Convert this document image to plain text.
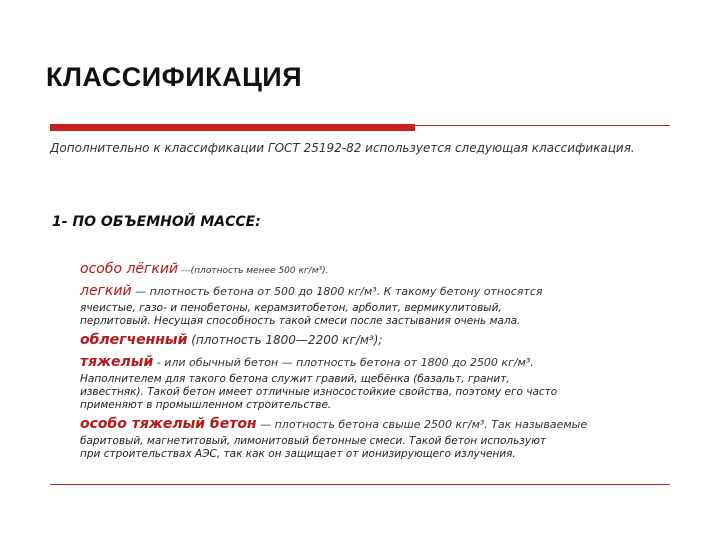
КЛАССИФИКАЦИЯ
Дополнительно к классификации ГОСТ 25192-82 используется следующая классификация.
1- ПО ОБЪЕМНОЙ МАССЕ:
особо лёгкий ---(плотность менее 500 кг/м³).
легкий — плотность бетона от 500 до 1800 кг/м³. К такому бетону относятся
ячеистые, газо- и пенобетоны, керамзитобетон, арболит, вермикулитовый,
перлитовый. Несущая способность такой смеси после застывания очень мала.
облегченный (плотность 1800—2200 кг/м³);
тяжелый - или обычный бетон — плотность бетона от 1800 до 2500 кг/м³.
Наполнителем для такого бетона служит гравий, щебёнка (базальт, гранит,
известняк). Такой бетон имеет отличные износостойкие свойства, поэтому его часто
применяют в промышленном строительстве.
особо тяжелый бетон — плотность бетона свыше 2500 кг/м³. Так называемые
баритовый, магнетитовый, лимонитовый бетонные смеси. Такой бетон используют
при строительствах АЭС, так как он защищает от ионизирующего излучения.
